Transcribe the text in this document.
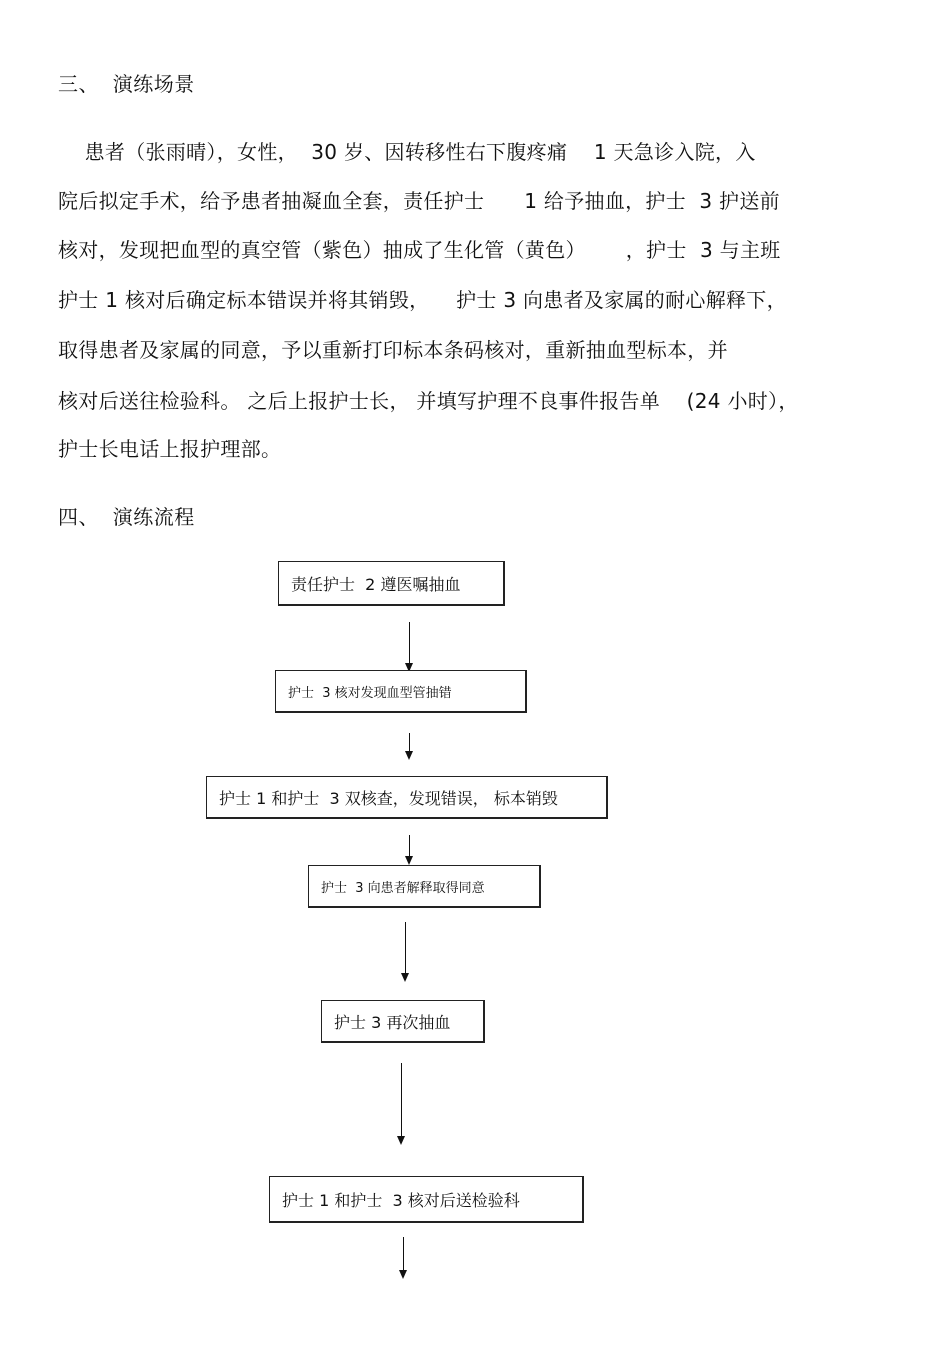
三、  演练场景
患者（张雨晴），女性，  30 岁、因转移性右下腹疼痛    1 天急诊入院，入
院后拟定手术，给予患者抽凝血全套，责任护士      1 给予抽血，护士  3 护送前
核对，发现把血型的真空管（紫色）抽成了生化管（黄色）      ，护士  3 与主班
护士 1 核对后确定标本错误并将其销毁，    护士 3 向患者及家属的耐心解释下，
取得患者及家属的同意，予以重新打印标本条码核对，重新抽血型标本，并
核对后送往检验科。 之后上报护士长， 并填写护理不良事件报告单    (24 小时），
护士长电话上报护理部。
四、  演练流程
责任护士  2 遵医嘱抽血
护士  3 核对发现血型管抽错
护士 1 和护士  3 双核查，发现错误， 标本销毁
护士  3 向患者解释取得同意
护士 3 再次抽血
护士 1 和护士  3 核对后送检验科
